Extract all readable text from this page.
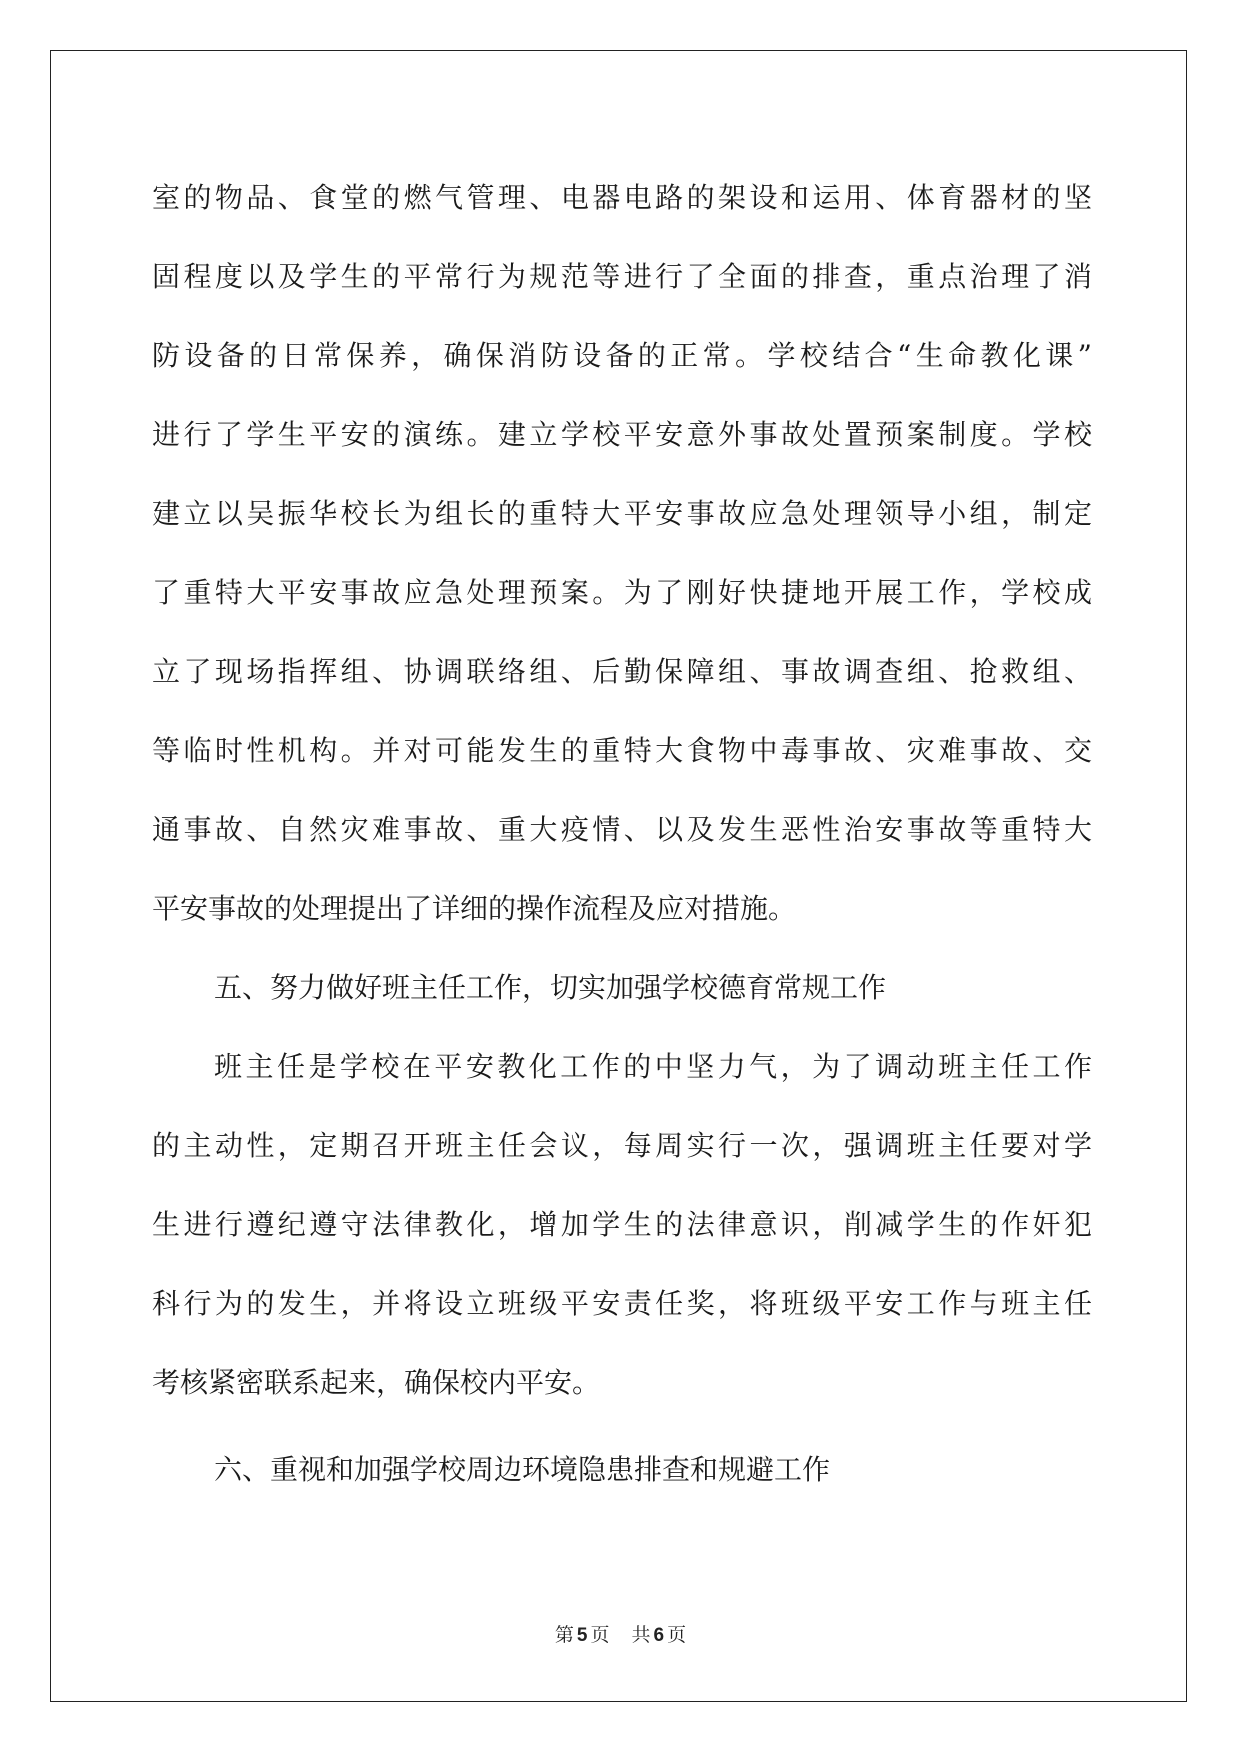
室的物品、食堂的燃气管理、电器电路的架设和运用、体育器材的坚
固程度以及学生的平常行为规范等进行了全面的排查，重点治理了消
防设备的日常保养，确保消防设备的正常。学校结合“生命教化课”
进行了学生平安的演练。建立学校平安意外事故处置预案制度。学校
建立以吴振华校长为组长的重特大平安事故应急处理领导小组，制定
了重特大平安事故应急处理预案。为了刚好快捷地开展工作，学校成
立了现场指挥组、协调联络组、后勤保障组、事故调查组、抢救组、
等临时性机构。并对可能发生的重特大食物中毒事故、灾难事故、交
通事故、自然灾难事故、重大疫情、以及发生恶性治安事故等重特大
平安事故的处理提出了详细的操作流程及应对措施。
五、努力做好班主任工作，切实加强学校德育常规工作
班主任是学校在平安教化工作的中坚力气，为了调动班主任工作
的主动性，定期召开班主任会议，每周实行一次，强调班主任要对学
生进行遵纪遵守法律教化，增加学生的法律意识，削减学生的作奸犯
科行为的发生，并将设立班级平安责任奖，将班级平安工作与班主任
考核紧密联系起来，确保校内平安。
六、重视和加强学校周边环境隐患排查和规避工作
第 5 页 共 6 页
